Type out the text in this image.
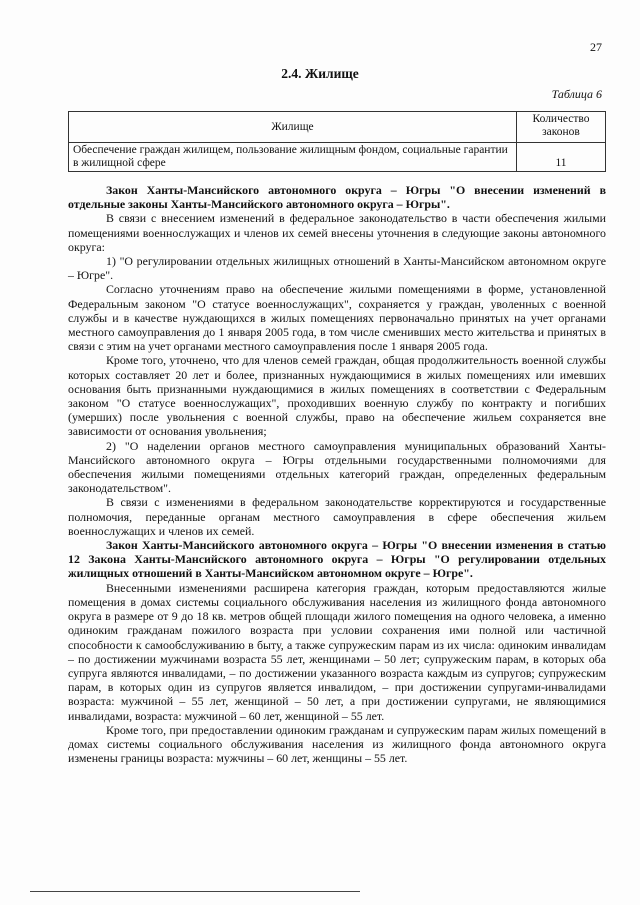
27
2.4. Жилище
Таблица 6
Жилище	Количество законов
Обеспечение граждан жилищем, пользование жилищным фондом, социальные гарантии в жилищной сфере	11

Закон Ханты-Мансийского автономного округа – Югры "О внесении изменений в отдельные законы Ханты-Мансийского автономного округа – Югры".

В связи с внесением изменений в федеральное законодательство в части обеспечения жилыми помещениями военнослужащих и членов их семей внесены уточнения в следующие законы автономного округа:

1) "О регулировании отдельных жилищных отношений в Ханты-Мансийском автономном округе – Югре".

Согласно уточнениям право на обеспечение жилыми помещениями в форме, установленной Федеральным законом "О статусе военнослужащих", сохраняется у граждан, уволенных с военной службы и в качестве нуждающихся в жилых помещениях первоначально принятых на учет органами местного самоуправления до 1 января 2005 года, в том числе сменивших место жительства и принятых в связи с этим на учет органами местного самоуправления после 1 января 2005 года.

Кроме того, уточнено, что для членов семей граждан, общая продолжительность военной службы которых составляет 20 лет и более, признанных нуждающимися в жилых помещениях или имевших основания быть признанными нуждающимися в жилых помещениях в соответствии с Федеральным законом "О статусе военнослужащих", проходивших военную службу по контракту и погибших (умерших) после увольнения с военной службы, право на обеспечение жильем сохраняется вне зависимости от основания увольнения;

2) "О наделении органов местного самоуправления муниципальных образований Ханты-Мансийского автономного округа – Югры отдельными государственными полномочиями для обеспечения жилыми помещениями отдельных категорий граждан, определенных федеральным законодательством".

В связи с изменениями в федеральном законодательстве корректируются и государственные полномочия, переданные органам местного самоуправления в сфере обеспечения жильем военнослужащих и членов их семей.

Закон Ханты-Мансийского автономного округа – Югры "О внесении изменения в статью 12 Закона Ханты-Мансийского автономного округа – Югры "О регулировании отдельных жилищных отношений в Ханты-Мансийском автономном округе – Югре".

Внесенными изменениями расширена категория граждан, которым предоставляются жилые помещения в домах системы социального обслуживания населения из жилищного фонда автономного округа в размере от 9 до 18 кв. метров общей площади жилого помещения на одного человека, а именно одиноким гражданам пожилого возраста при условии сохранения ими полной или частичной способности к самообслуживанию в быту, а также супружеским парам из их числа: одиноким инвалидам – по достижении мужчинами возраста 55 лет, женщинами – 50 лет; супружеским парам, в которых оба супруга являются инвалидами, – по достижении указанного возраста каждым из супругов; супружеским парам, в которых один из супругов является инвалидом, – при достижении супругами-инвалидами возраста: мужчиной – 55 лет, женщиной – 50 лет, а при достижении супругами, не являющимися инвалидами, возраста: мужчиной – 60 лет, женщиной – 55 лет.

Кроме того, при предоставлении одиноким гражданам и супружеским парам жилых помещений в домах системы социального обслуживания населения из жилищного фонда автономного округа изменены границы возраста: мужчины – 60 лет, женщины – 55 лет.
